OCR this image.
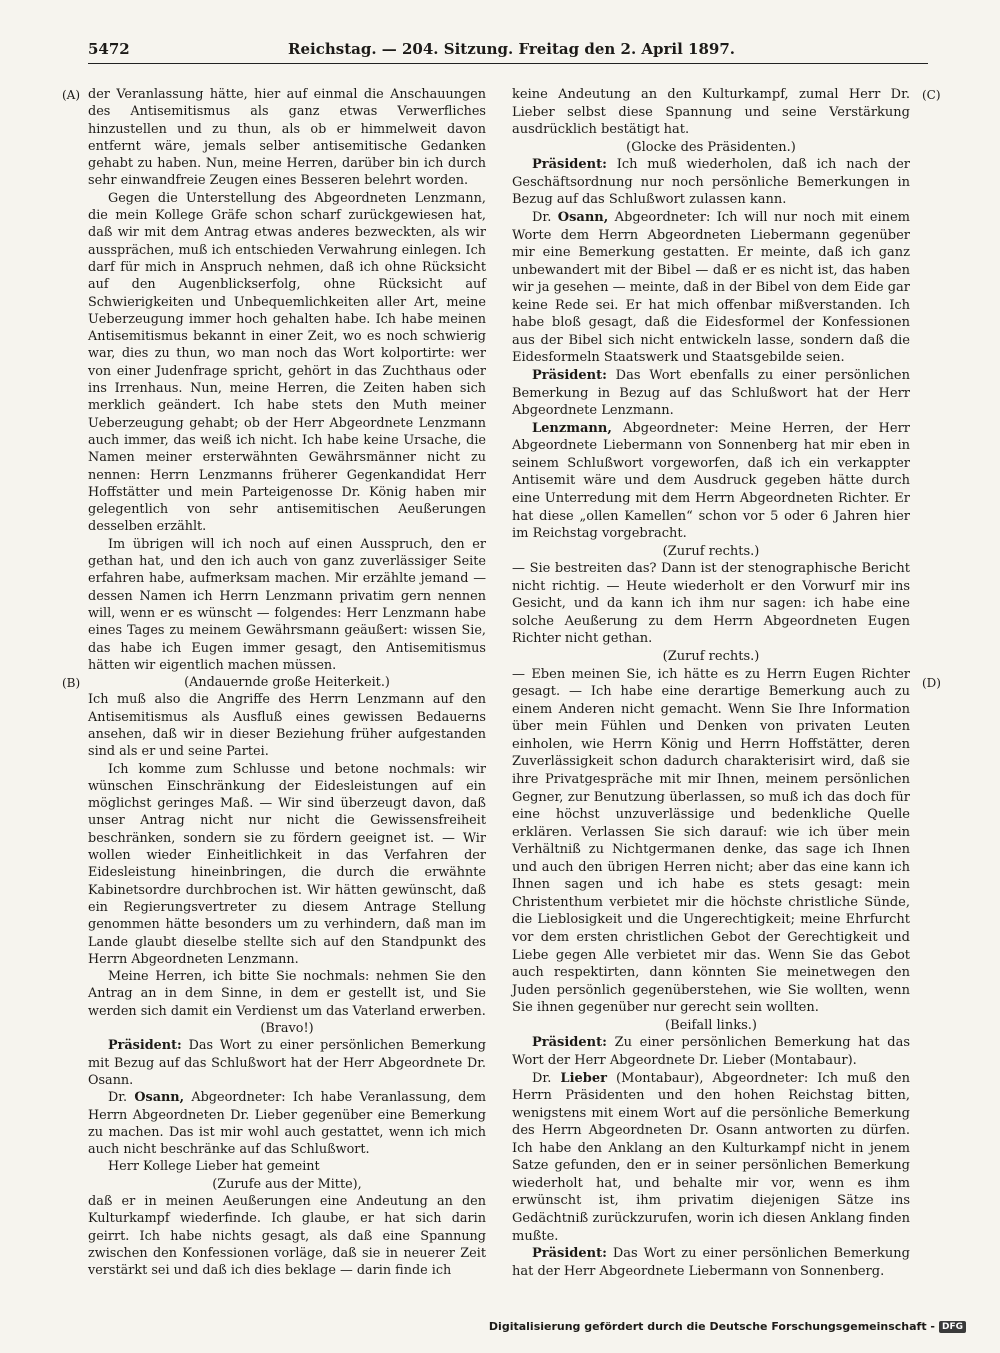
5472	Reichstag. — 204. Sitzung. Freitag den 2. April 1897.
(A)
(B)
(C)
(D)

der Veranlassung hätte, hier auf einmal die Anschauungen des Antisemitismus als ganz etwas Verwerfliches hinzustellen und zu thun, als ob er himmelweit davon entfernt wäre, jemals selber antisemitische Gedanken gehabt zu haben. Nun, meine Herren, darüber bin ich durch sehr einwandfreie Zeugen eines Besseren belehrt worden.

Gegen die Unterstellung des Abgeordneten Lenzmann, die mein Kollege Gräfe schon scharf zurückgewiesen hat, daß wir mit dem Antrag etwas anderes bezweckten, als wir aussprächen, muß ich entschieden Verwahrung einlegen. Ich darf für mich in Anspruch nehmen, daß ich ohne Rücksicht auf den Augenblickserfolg, ohne Rücksicht auf Schwierigkeiten und Unbequemlichkeiten aller Art, meine Ueberzeugung immer hoch gehalten habe. Ich habe meinen Antisemitismus bekannt in einer Zeit, wo es noch schwierig war, dies zu thun, wo man noch das Wort kolportirte: wer von einer Judenfrage spricht, gehört in das Zuchthaus oder ins Irrenhaus. Nun, meine Herren, die Zeiten haben sich merklich geändert. Ich habe stets den Muth meiner Ueberzeugung gehabt; ob der Herr Abgeordnete Lenzmann auch immer, das weiß ich nicht. Ich habe keine Ursache, die Namen meiner ersterwähnten Gewährsmänner nicht zu nennen: Herrn Lenzmanns früherer Gegenkandidat Herr Hoffstätter und mein Parteigenosse Dr. König haben mir gelegentlich von sehr antisemitischen Aeußerungen desselben erzählt.

Im übrigen will ich noch auf einen Ausspruch, den er gethan hat, und den ich auch von ganz zuverlässiger Seite erfahren habe, aufmerksam machen. Mir erzählte jemand — dessen Namen ich Herrn Lenzmann privatim gern nennen will, wenn er es wünscht — folgendes: Herr Lenzmann habe eines Tages zu meinem Gewährsmann geäußert: wissen Sie, das habe ich Eugen immer gesagt, den Antisemitismus hätten wir eigentlich machen müssen.

(Andauernde große Heiterkeit.)

Ich muß also die Angriffe des Herrn Lenzmann auf den Antisemitismus als Ausfluß eines gewissen Bedauerns ansehen, daß wir in dieser Beziehung früher aufgestanden sind als er und seine Partei.

Ich komme zum Schlusse und betone nochmals: wir wünschen Einschränkung der Eidesleistungen auf ein möglichst geringes Maß. — Wir sind überzeugt davon, daß unser Antrag nicht nur nicht die Gewissensfreiheit beschränken, sondern sie zu fördern geeignet ist. — Wir wollen wieder Einheitlichkeit in das Verfahren der Eidesleistung hineinbringen, die durch die erwähnte Kabinetsordre durchbrochen ist. Wir hätten gewünscht, daß ein Regierungsvertreter zu diesem Antrage Stellung genommen hätte besonders um zu verhindern, daß man im Lande glaubt dieselbe stellte sich auf den Standpunkt des Herrn Abgeordneten Lenzmann.

Meine Herren, ich bitte Sie nochmals: nehmen Sie den Antrag an in dem Sinne, in dem er gestellt ist, und Sie werden sich damit ein Verdienst um das Vaterland erwerben.

(Bravo!)

Präsident: Das Wort zu einer persönlichen Bemerkung mit Bezug auf das Schlußwort hat der Herr Abgeordnete Dr. Osann.

Dr. Osann, Abgeordneter: Ich habe Veranlassung, dem Herrn Abgeordneten Dr. Lieber gegenüber eine Bemerkung zu machen. Das ist mir wohl auch gestattet, wenn ich mich auch nicht beschränke auf das Schlußwort.

Herr Kollege Lieber hat gemeint

(Zurufe aus der Mitte),

daß er in meinen Aeußerungen eine Andeutung an den Kulturkampf wiederfinde. Ich glaube, er hat sich darin geirrt. Ich habe nichts gesagt, als daß eine Spannung zwischen den Konfessionen vorläge, daß sie in neuerer Zeit verstärkt sei und daß ich dies beklage — darin finde ich

keine Andeutung an den Kulturkampf, zumal Herr Dr. Lieber selbst diese Spannung und seine Verstärkung ausdrücklich bestätigt hat.

(Glocke des Präsidenten.)

Präsident: Ich muß wiederholen, daß ich nach der Geschäftsordnung nur noch persönliche Bemerkungen in Bezug auf das Schlußwort zulassen kann.

Dr. Osann, Abgeordneter: Ich will nur noch mit einem Worte dem Herrn Abgeordneten Liebermann gegenüber mir eine Bemerkung gestatten. Er meinte, daß ich ganz unbewandert mit der Bibel — daß er es nicht ist, das haben wir ja gesehen — meinte, daß in der Bibel von dem Eide gar keine Rede sei. Er hat mich offenbar mißverstanden. Ich habe bloß gesagt, daß die Eidesformel der Konfessionen aus der Bibel sich nicht entwickeln lasse, sondern daß die Eidesformeln Staatswerk und Staatsgebilde seien.

Präsident: Das Wort ebenfalls zu einer persönlichen Bemerkung in Bezug auf das Schlußwort hat der Herr Abgeordnete Lenzmann.

Lenzmann, Abgeordneter: Meine Herren, der Herr Abgeordnete Liebermann von Sonnenberg hat mir eben in seinem Schlußwort vorgeworfen, daß ich ein verkappter Antisemit wäre und dem Ausdruck gegeben hätte durch eine Unterredung mit dem Herrn Abgeordneten Richter. Er hat diese „ollen Kamellen“ schon vor 5 oder 6 Jahren hier im Reichstag vorgebracht.

(Zuruf rechts.)

— Sie bestreiten das? Dann ist der stenographische Bericht nicht richtig. — Heute wiederholt er den Vorwurf mir ins Gesicht, und da kann ich ihm nur sagen: ich habe eine solche Aeußerung zu dem Herrn Abgeordneten Eugen Richter nicht gethan.

(Zuruf rechts.)

— Eben meinen Sie, ich hätte es zu Herrn Eugen Richter gesagt. — Ich habe eine derartige Bemerkung auch zu einem Anderen nicht gemacht. Wenn Sie Ihre Information über mein Fühlen und Denken von privaten Leuten einholen, wie Herrn König und Herrn Hoffstätter, deren Zuverlässigkeit schon dadurch charakterisirt wird, daß sie ihre Privatgespräche mit mir Ihnen, meinem persönlichen Gegner, zur Benutzung überlassen, so muß ich das doch für eine höchst unzuverlässige und bedenkliche Quelle erklären. Verlassen Sie sich darauf: wie ich über mein Verhältniß zu Nichtgermanen denke, das sage ich Ihnen und auch den übrigen Herren nicht; aber das eine kann ich Ihnen sagen und ich habe es stets gesagt: mein Christenthum verbietet mir die höchste christliche Sünde, die Lieblosigkeit und die Ungerechtigkeit; meine Ehrfurcht vor dem ersten christlichen Gebot der Gerechtigkeit und Liebe gegen Alle verbietet mir das. Wenn Sie das Gebot auch respektirten, dann könnten Sie meinetwegen den Juden persönlich gegenüberstehen, wie Sie wollten, wenn Sie ihnen gegenüber nur gerecht sein wollten.

(Beifall links.)

Präsident: Zu einer persönlichen Bemerkung hat das Wort der Herr Abgeordnete Dr. Lieber (Montabaur).

Dr. Lieber (Montabaur), Abgeordneter: Ich muß den Herrn Präsidenten und den hohen Reichstag bitten, wenigstens mit einem Wort auf die persönliche Bemerkung des Herrn Abgeordneten Dr. Osann antworten zu dürfen. Ich habe den Anklang an den Kulturkampf nicht in jenem Satze gefunden, den er in seiner persönlichen Bemerkung wiederholt hat, und behalte mir vor, wenn es ihm erwünscht ist, ihm privatim diejenigen Sätze ins Gedächtniß zurückzurufen, worin ich diesen Anklang finden mußte.

Präsident: Das Wort zu einer persönlichen Bemerkung hat der Herr Abgeordnete Liebermann von Sonnenberg.

Digitalisierung gefördert durch die Deutsche Forschungsgemeinschaft - DFG
